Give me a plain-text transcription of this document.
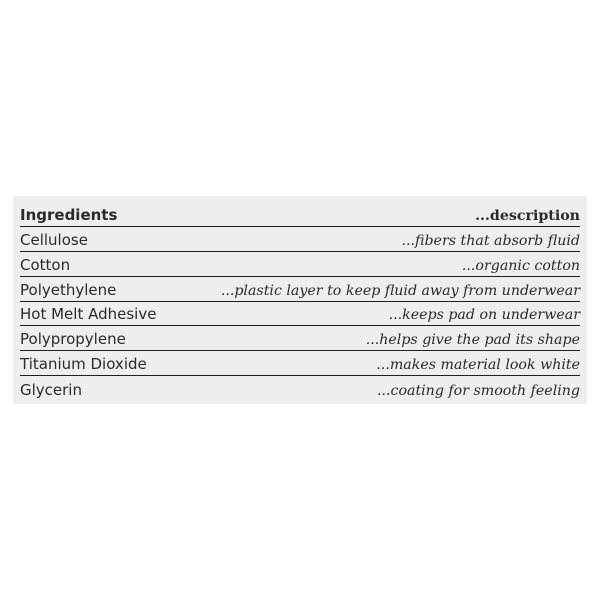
Ingredients	...description
Cellulose	...fibers that absorb fluid
Cotton	...organic cotton
Polyethylene	...plastic layer to keep fluid away from underwear
Hot Melt Adhesive	...keeps pad on underwear
Polypropylene	...helps give the pad its shape
Titanium Dioxide	...makes material look white
Glycerin	...coating for smooth feeling
